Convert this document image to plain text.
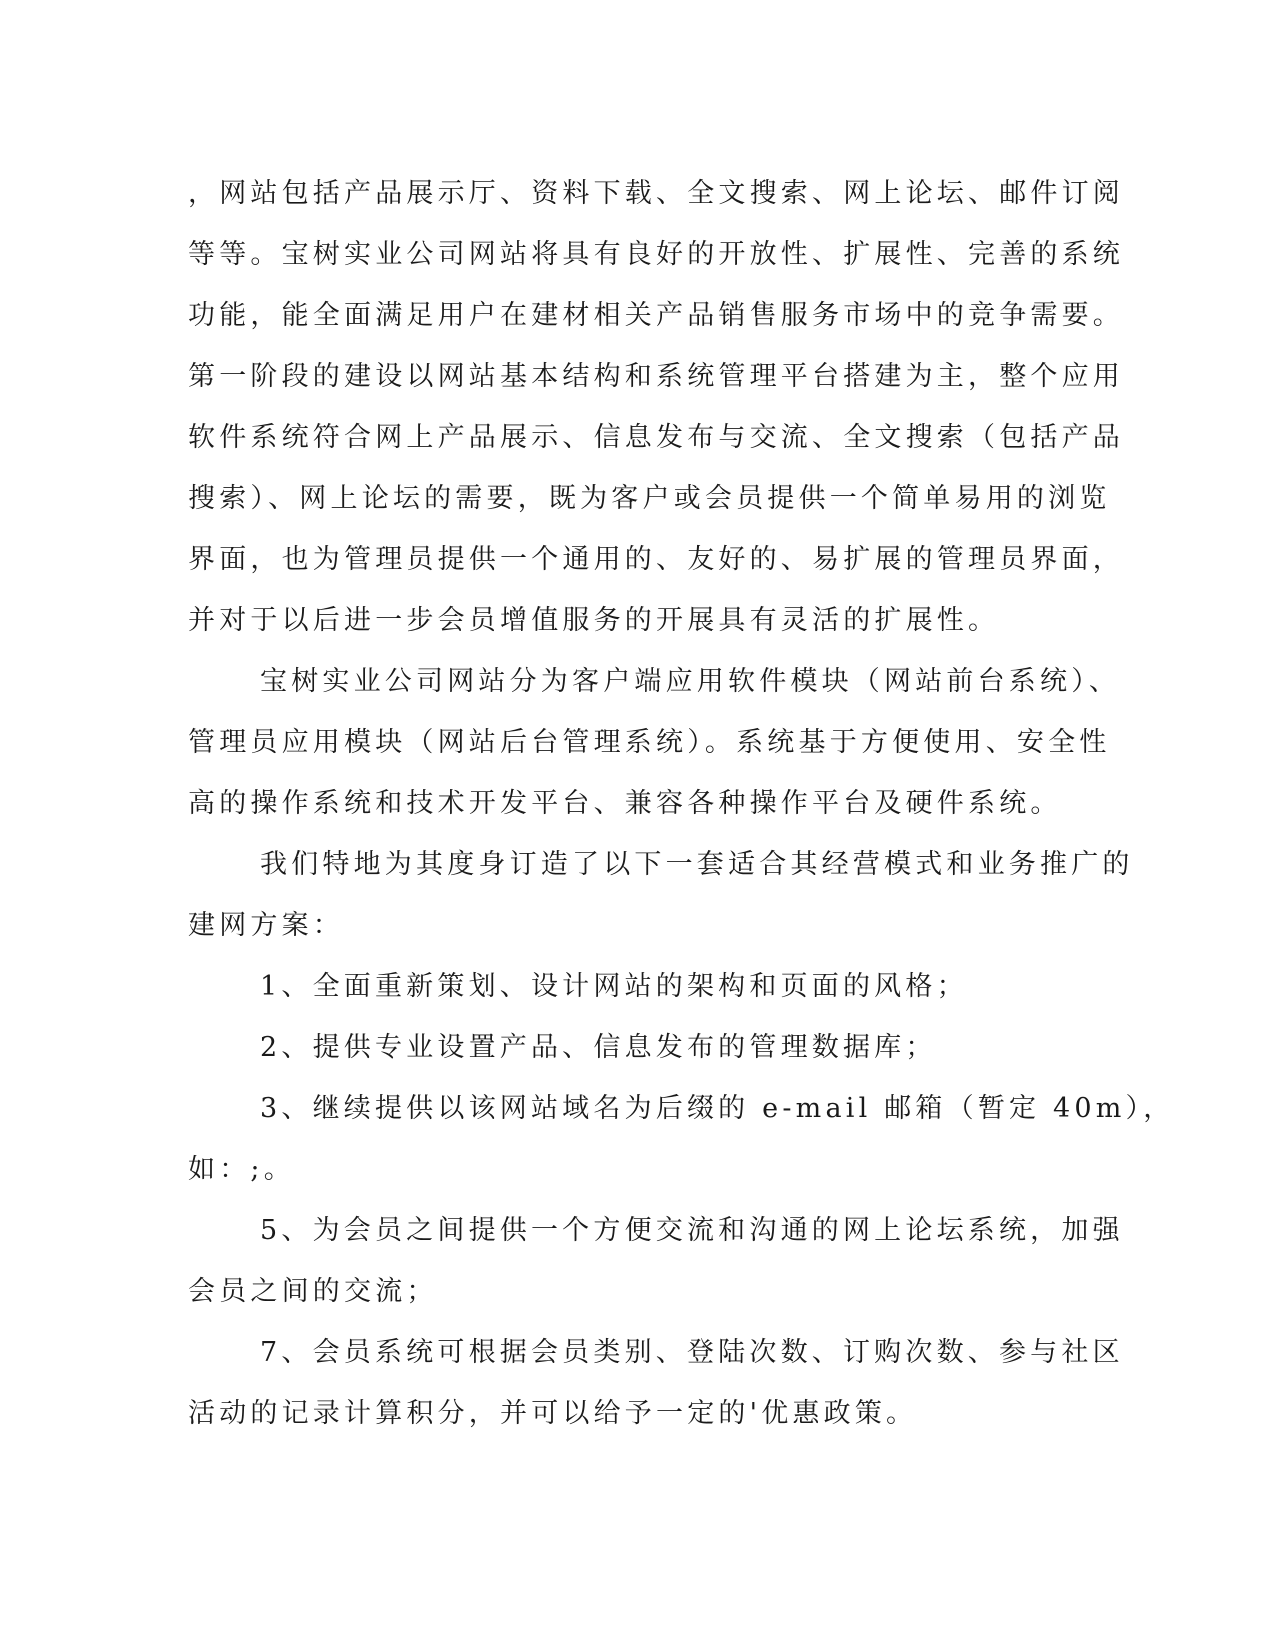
，网站包括产品展示厅、资料下载、全文搜索、网上论坛、邮件订阅
等等。宝树实业公司网站将具有良好的开放性、扩展性、完善的系统
功能，能全面满足用户在建材相关产品销售服务市场中的竞争需要。
第一阶段的建设以网站基本结构和系统管理平台搭建为主，整个应用
软件系统符合网上产品展示、信息发布与交流、全文搜索（包括产品
搜索）、网上论坛的需要，既为客户或会员提供一个简单易用的浏览
界面，也为管理员提供一个通用的、友好的、易扩展的管理员界面，
并对于以后进一步会员增值服务的开展具有灵活的扩展性。
宝树实业公司网站分为客户端应用软件模块（网站前台系统）、
管理员应用模块（网站后台管理系统）。系统基于方便使用、安全性
高的操作系统和技术开发平台、兼容各种操作平台及硬件系统。
我们特地为其度身订造了以下一套适合其经营模式和业务推广的
建网方案：
1、全面重新策划、设计网站的架构和页面的风格；
2、提供专业设置产品、信息发布的管理数据库；
3、继续提供以该网站域名为后缀的 e-mail 邮箱（暂定 40m），
如：;。
5、为会员之间提供一个方便交流和沟通的网上论坛系统，加强
会员之间的交流；
7、会员系统可根据会员类别、登陆次数、订购次数、参与社区
活动的记录计算积分，并可以给予一定的'优惠政策。
